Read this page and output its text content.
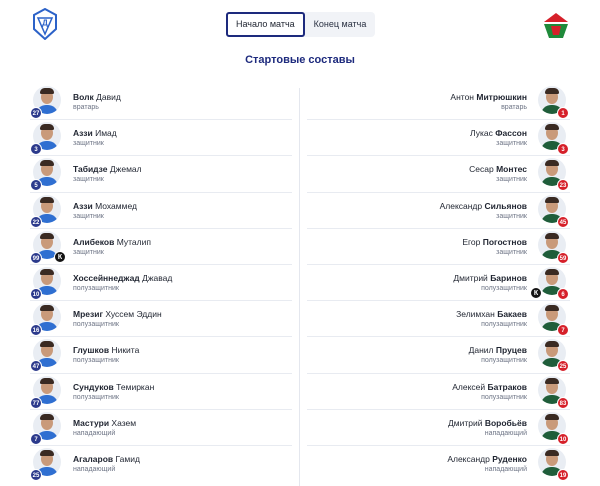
Д	Начало матча	Конец матча
Стартовые составы
27
Волк Давид
вратарь
3
Аззи Имад
защитник
5
Табидзе Джемал
защитник
22
Аззи Мохаммед
защитник
99	К
Алибеков Муталип
защитник
10
Хоссейннеджад Джавад
полузащитник
16
Мрезиг Хуссем Эддин
полузащитник
47
Глушков Никита
полузащитник
77
Сундуков Темиркан
полузащитник
7
Мастури Хазем
нападающий
25
Агаларов Гамид
нападающий
1
Антон Митрюшкин
вратарь
3
Лукас Фассон
защитник
23
Сесар Монтес
защитник
45
Александр Сильянов
защитник
59
Егор Погостнов
защитник
6
К
Дмитрий Баринов
полузащитник
7
Зелимхан Бакаев
полузащитник
25
Данил Пруцев
полузащитник
83
Алексей Батраков
полузащитник
10
Дмитрий Воробьёв
нападающий
19
Александр Руденко
нападающий
